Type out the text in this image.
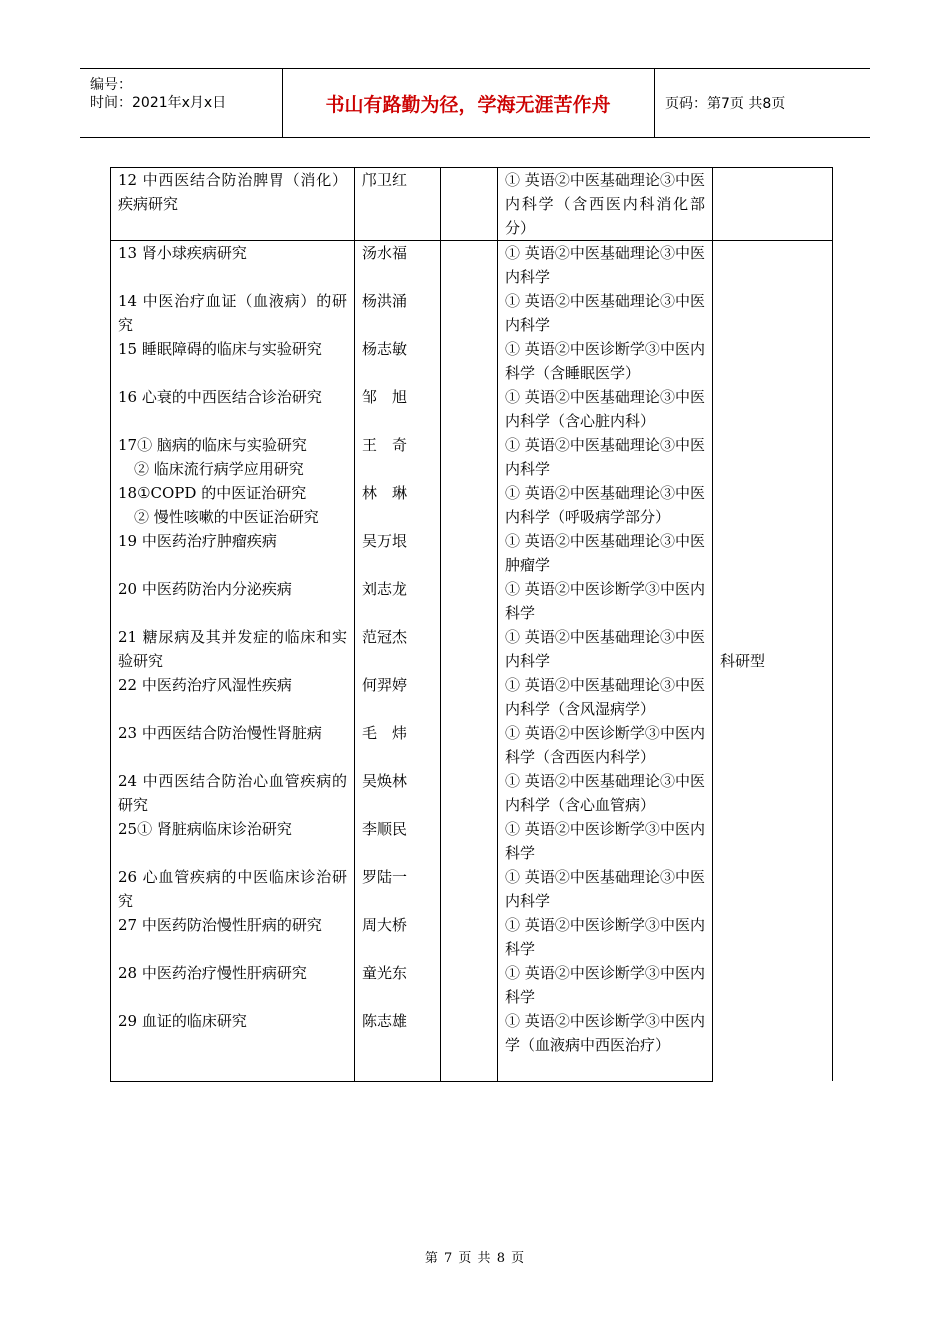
编号：
时间：2021年x月x日	书山有路勤为径，学海无涯苦作舟	页码：第7页 共8页
12 中西医结合防治脾胃（消化）疾病研究	邝卫红		① 英语②中医基础理论③中医内科学（含西医内科消化部分）	

13 肾小球疾病研究	汤水福		① 英语②中医基础理论③中医内科学	科研型

14 中医治疗血证（血液病）的研究	杨洪涌		① 英语②中医基础理论③中医内科学	

15 睡眠障碍的临床与实验研究	杨志敏		① 英语②中医诊断学③中医内科学（含睡眠医学）	

16 心衰的中西医结合诊治研究	邹　旭		① 英语②中医基础理论③中医内科学（含心脏内科）	

17① 脑病的临床与实验研究
② 临床流行病学应用研究	王　奇		① 英语②中医基础理论③中医内科学	

18①COPD 的中医证治研究
② 慢性咳嗽的中医证治研究	林　琳		① 英语②中医基础理论③中医内科学（呼吸病学部分）	

19 中医药治疗肿瘤疾病	吴万垠		① 英语②中医基础理论③中医肿瘤学	

20 中医药防治内分泌疾病	刘志龙		① 英语②中医诊断学③中医内科学	

21 糖尿病及其并发症的临床和实验研究	范冠杰		① 英语②中医基础理论③中医内科学	

22 中医药治疗风湿性疾病	何羿婷		① 英语②中医基础理论③中医内科学（含风湿病学）	

23 中西医结合防治慢性肾脏病	毛　炜		① 英语②中医诊断学③中医内科学（含西医内科学）	

24 中西医结合防治心血管疾病的研究	吴焕林		① 英语②中医基础理论③中医内科学（含心血管病）	

25① 肾脏病临床诊治研究	李顺民		① 英语②中医诊断学③中医内科学	

26 心血管疾病的中医临床诊治研究	罗陆一		① 英语②中医基础理论③中医内科学	

27 中医药防治慢性肝病的研究	周大桥		① 英语②中医诊断学③中医内科学	

28 中医药治疗慢性肝病研究	童光东		① 英语②中医诊断学③中医内科学	

29 血证的临床研究	陈志雄		① 英语②中医诊断学③中医内学（血液病中西医治疗）	
第 7 页 共 8 页
